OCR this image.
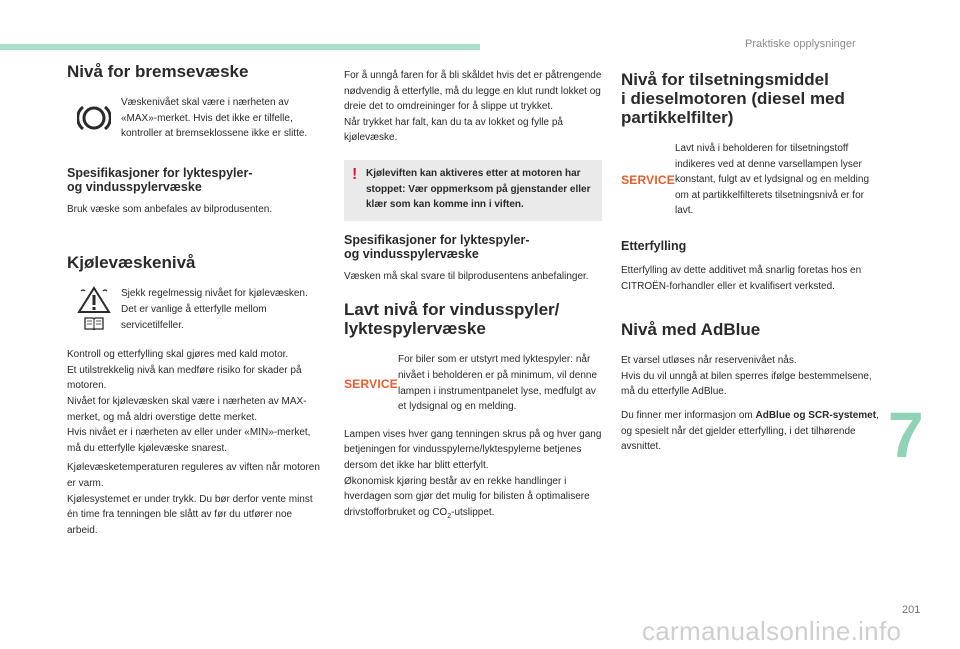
Praktiske opplysninger
Nivå for bremsevæske

Væskenivået skal være i nærheten av «MAX»-merket. Hvis det ikke er tilfelle, kontroller at bremseklossene ikke er slitte.

Spesifikasjoner for lyktespyler-
og vindusspylervæske

Bruk væske som anbefales av bilprodusenten.

Kjølevæskenivå

Sjekk regelmessig nivået for kjølevæsken.
Det er vanlige å etterfylle mellom servicetilfeller.

Kontroll og etterfylling skal gjøres med kald motor.
Et utilstrekkelig nivå kan medføre risiko for skader på motoren.
Nivået for kjølevæsken skal være i nærheten av MAX-merket, og må aldri overstige dette merket.
Hvis nivået er i nærheten av eller under «MIN»-merket, må du etterfylle kjølevæske snarest.

Kjølevæsketemperaturen reguleres av viften når motoren er varm.
Kjølesystemet er under trykk. Du bør derfor vente minst én time fra tenningen ble slått av før du utfører noe arbeid.

For å unngå faren for å bli skåldet hvis det er påtrengende nødvendig å etterfylle, må du legge en klut rundt lokket og dreie det to omdreininger for å slippe ut trykket.
Når trykket har falt, kan du ta av lokket og fylle på kjølevæske.

! Kjøleviften kan aktiveres etter at motoren har stoppet: Vær oppmerksom på gjenstander eller klær som kan komme inn i viften.

Spesifikasjoner for lyktespyler-
og vindusspylervæske

Væsken må skal svare til bilprodusentens anbefalinger.

Lavt nivå for vindusspyler/
lyktespylervæske
SERVICE

For biler som er utstyrt med lyktespyler: når nivået i beholderen er på minimum, vil denne lampen i instrumentpanelet lyse, medfulgt av et lydsignal og en melding.

Lampen vises hver gang tenningen skrus på og hver gang betjeningen for vindusspylerne/lyktespylerne betjenes dersom det ikke har blitt etterfylt.
Økonomisk kjøring består av en rekke handlinger i hverdagen som gjør det mulig for bilisten å optimalisere drivstofforbruket og $CO_2$-utslippet.

Nivå for tilsetningsmiddel
i dieselmotoren (diesel med
partikkelfilter)
SERVICE

Lavt nivå i beholderen for tilsetningstoff indikeres ved at denne varsellampen lyser konstant, fulgt av et lydsignal og en melding om at partikkelfilterets tilsetningsnivå er for lavt.

Etterfylling

Etterfylling av dette additivet må snarlig foretas hos en CITROËN-forhandler eller et kvalifisert verksted.

Nivå med AdBlue

Et varsel utløses når reservenivået nås.
Hvis du vil unngå at bilen sperres ifølge bestemmelsene, må du etterfylle AdBlue.

Du finner mer informasjon om AdBlue og SCR-systemet, og spesielt når det gjelder etterfylling, i det tilhørende avsnittet.	7
201
carmanualsonline.info
